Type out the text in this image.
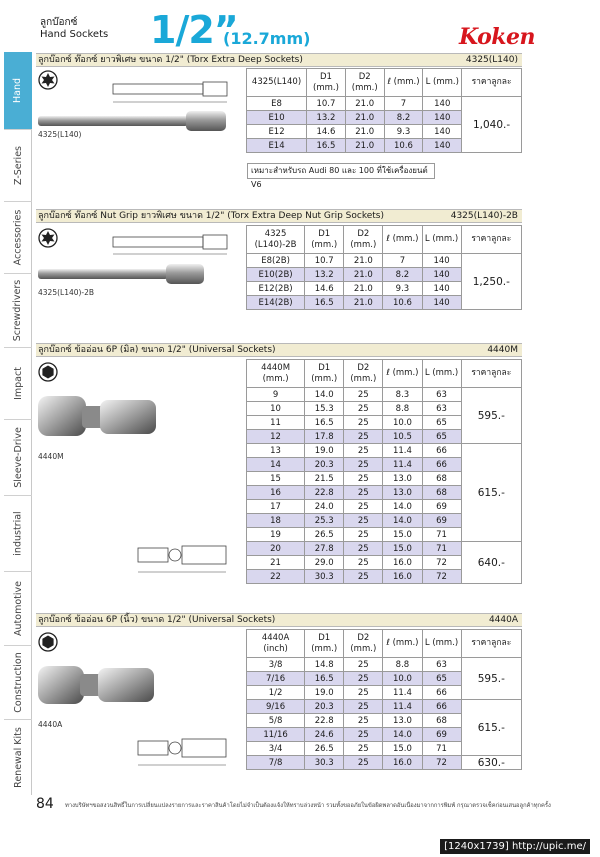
ลูกบ๊อกซ์
Hand Sockets 1/2”
(12.7mm)	Koken
Hand
Z-Series
Accessories
Screwdrivers
Impact
Sleeve-Drive
industrial
Automotive
Construction
Renewal Kits
ลูกบ๊อกซ์ ท๊อกซ์ ยาวพิเศษ ขนาด 1/2" (Torx Extra Deep Sockets)	4325(L140)
4325(L140)
4325(L140)	D1 (mm.)	D2 (mm.)	ℓ (mm.)	L (mm.)	ราคาลูกละ
E8	10.7	21.0	7	140	1,040.-
E10	13.2	21.0	8.2	140	
E12	14.6	21.0	9.3	140	
E14	16.5	21.0	10.6	140	
เหมาะสำหรับรถ Audi 80 และ 100 ที่ใช้เครื่องยนต์ V6
ลูกบ๊อกซ์ ท๊อกซ์ Nut Grip ยาวพิเศษ ขนาด 1/2" (Torx Extra Deep Nut Grip Sockets)	4325(L140)-2B
4325(L140)-2B
4325 (L140)-2B	D1 (mm.)	D2 (mm.)	ℓ (mm.)	L (mm.)	ราคาลูกละ
E8(2B)	10.7	21.0	7	140	1,250.-
E10(2B)	13.2	21.0	8.2	140	
E12(2B)	14.6	21.0	9.3	140	
E14(2B)	16.5	21.0	10.6	140	
ลูกบ๊อกซ์ ข้ออ่อน 6P (มิล) ขนาด 1/2" (Universal Sockets)	4440M
4440M
4440M (mm.)	D1 (mm.)	D2 (mm.)	ℓ (mm.)	L (mm.)	ราคาลูกละ
9	14.0	25	8.3	63	595.-
10	15.3	25	8.8	63	
11	16.5	25	10.0	65	
12	17.8	25	10.5	65	
13	19.0	25	11.4	66	615.-
14	20.3	25	11.4	66	
15	21.5	25	13.0	68	
16	22.8	25	13.0	68	
17	24.0	25	14.0	69	
18	25.3	25	14.0	69	
19	26.5	25	15.0	71	
20	27.8	25	15.0	71	640.-
21	29.0	25	16.0	72	
22	30.3	25	16.0	72	
ลูกบ๊อกซ์ ข้ออ่อน 6P (นิ้ว) ขนาด 1/2" (Universal Sockets)	4440A
4440A
4440A (inch)	D1 (mm.)	D2 (mm.)	ℓ (mm.)	L (mm.)	ราคาลูกละ
3/8	14.8	25	8.8	63	595.-
7/16	16.5	25	10.0	65	
1/2	19.0	25	11.4	66	
9/16	20.3	25	11.4	66	615.-
5/8	22.8	25	13.0	68	
11/16	24.6	25	14.0	69	
3/4	26.5	25	15.0	71	
7/8	30.3	25	16.0	72	630.-
84 ทางบริษัทฯขอสงวนสิทธิ์ในการเปลี่ยนแปลงรายการและราคาสินค้าโดยไม่จำเป็นต้องแจ้งให้ทราบล่วงหน้า รวมทั้งขออภัยในข้อผิดพลาดอันเนื่องมาจากการพิมพ์ กรุณาตรวจเช็คก่อนเสนอลูกค้าทุกครั้ง
[1240x1739] http://upic.me/
